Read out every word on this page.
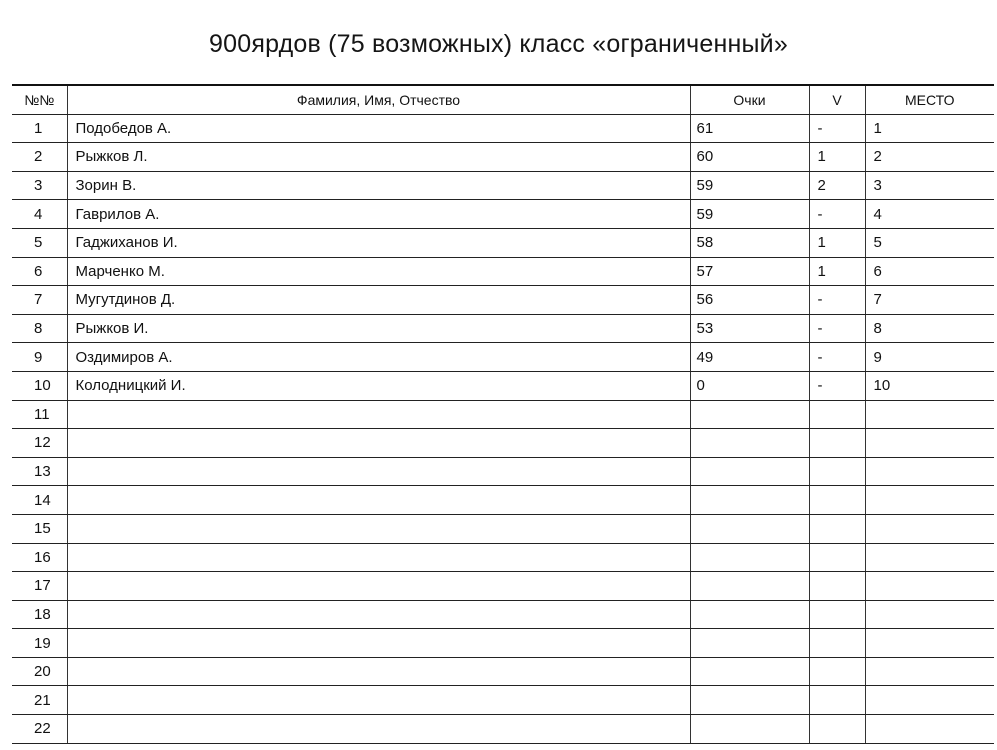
900ярдов (75 возможных) класс «ограниченный»
№№	Фамилия, Имя, Отчество	Очки	V	МЕСТО
1	Подобедов А.	61	-	1
2	Рыжков Л.	60	1	2
3	Зорин В.	59	2	3
4	Гаврилов А.	59	-	4
5	Гаджиханов И.	58	1	5
6	Марченко М.	57	1	6
7	Мугутдинов Д.	56	-	7
8	Рыжков И.	53	-	8
9	Оздимиров А.	49	-	9
10	Колодницкий И.	0	-	10
11				
12				
13				
14				
15				
16				
17				
18				
19				
20				
21				
22				
